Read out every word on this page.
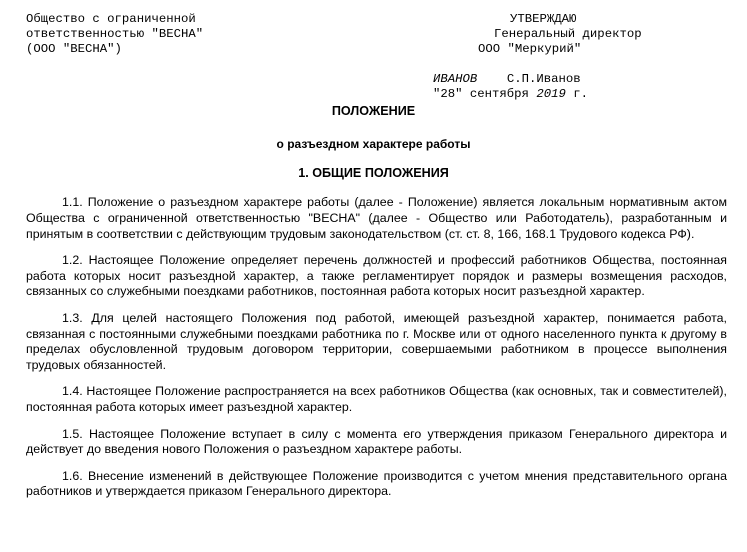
Общество с ограниченной
ответственностью "ВЕСНА"
(ООО "ВЕСНА")
УТВЕРЖДАЮ
Генеральный директор
ООО "Меркурий"
ИВАНОВ С.П.Иванов
"28" сентября 2019 г.
ПОЛОЖЕНИЕ
о разъездном характере работы
1. ОБЩИЕ ПОЛОЖЕНИЯ

1.1. Положение о разъездном характере работы (далее - Положение) является локальным нормативным актом Общества с ограниченной ответственностью "ВЕСНА" (далее - Общество или Работодатель), разработанным и принятым в соответствии с действующим трудовым законодательством (ст. ст. 8, 166, 168.1 Трудового кодекса РФ).

1.2. Настоящее Положение определяет перечень должностей и профессий работников Общества, постоянная работа которых носит разъездной характер, а также регламентирует порядок и размеры возмещения расходов, связанных со служебными поездками работников, постоянная работа которых носит разъездной характер.

1.3. Для целей настоящего Положения под работой, имеющей разъездной характер, понимается работа, связанная с постоянными служебными поездками работника по г. Москве или от одного населенного пункта к другому в пределах обусловленной трудовым договором территории, совершаемыми работником в процессе выполнения трудовых обязанностей.

1.4. Настоящее Положение распространяется на всех работников Общества (как основных, так и совместителей), постоянная работа которых имеет разъездной характер.

1.5. Настоящее Положение вступает в силу с момента его утверждения приказом Генерального директора и действует до введения нового Положения о разъездном характере работы.

1.6. Внесение изменений в действующее Положение производится с учетом мнения представительного органа работников и утверждается приказом Генерального директора.
